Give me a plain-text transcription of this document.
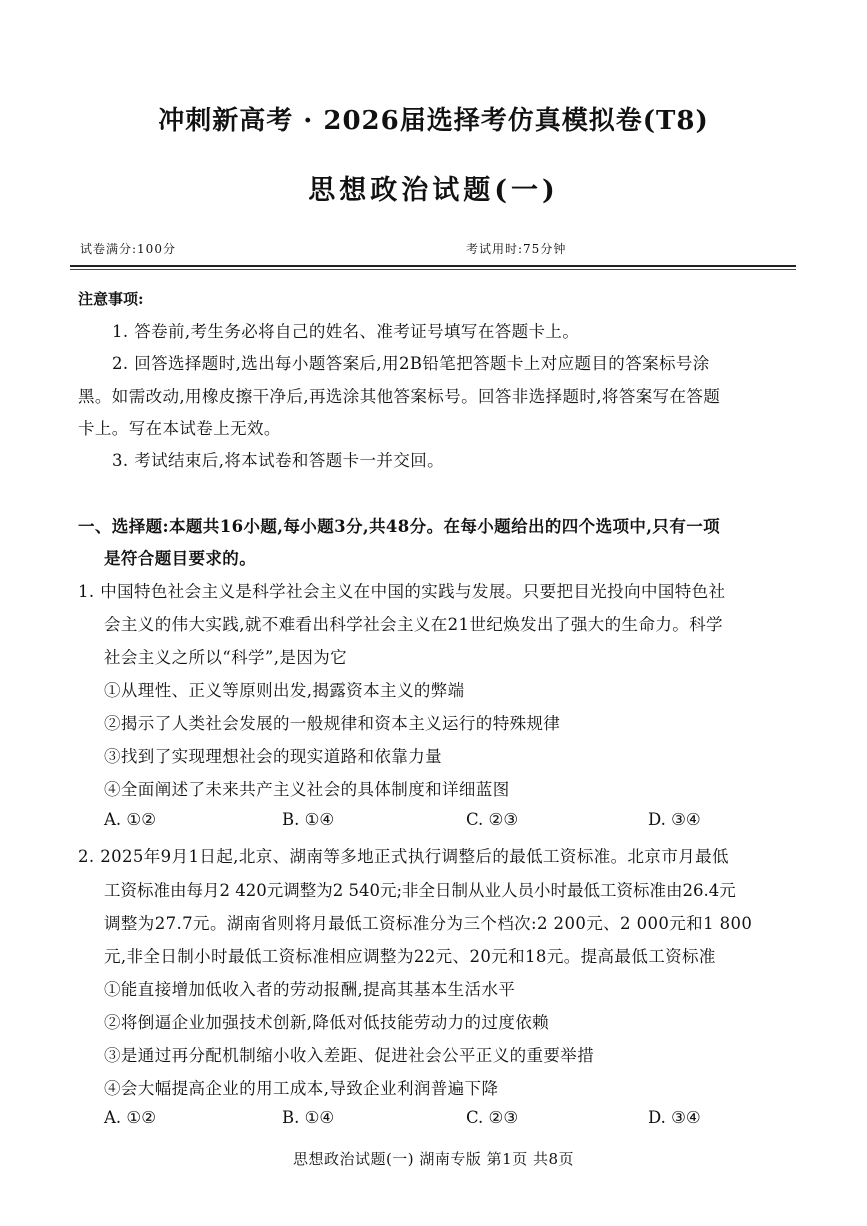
冲刺新高考 · 2026届选择考仿真模拟卷(T8)
思想政治试题(一)
试卷满分:100分	考试用时:75分钟
注意事项:
1. 答卷前,考生务必将自己的姓名、准考证号填写在答题卡上。
2. 回答选择题时,选出每小题答案后,用2B铅笔把答题卡上对应题目的答案标号涂
黑。如需改动,用橡皮擦干净后,再选涂其他答案标号。回答非选择题时,将答案写在答题
卡上。写在本试卷上无效。
3. 考试结束后,将本试卷和答题卡一并交回。
一、选择题:本题共16小题,每小题3分,共48分。在每小题给出的四个选项中,只有一项
是符合题目要求的。
1. 中国特色社会主义是科学社会主义在中国的实践与发展。只要把目光投向中国特色社
会主义的伟大实践,就不难看出科学社会主义在21世纪焕发出了强大的生命力。科学
社会主义之所以“科学”,是因为它
①从理性、正义等原则出发,揭露资本主义的弊端
②揭示了人类社会发展的一般规律和资本主义运行的特殊规律
③找到了实现理想社会的现实道路和依靠力量
④全面阐述了未来共产主义社会的具体制度和详细蓝图
A. ①②	B. ①④	C. ②③	D. ③④
2. 2025年9月1日起,北京、湖南等多地正式执行调整后的最低工资标准。北京市月最低
工资标准由每月2 420元调整为2 540元;非全日制从业人员小时最低工资标准由26.4元
调整为27.7元。湖南省则将月最低工资标准分为三个档次:2 200元、2 000元和1 800
元,非全日制小时最低工资标准相应调整为22元、20元和18元。提高最低工资标准
①能直接增加低收入者的劳动报酬,提高其基本生活水平
②将倒逼企业加强技术创新,降低对低技能劳动力的过度依赖
③是通过再分配机制缩小收入差距、促进社会公平正义的重要举措
④会大幅提高企业的用工成本,导致企业利润普遍下降
A. ①②	B. ①④	C. ②③	D. ③④
思想政治试题(一) 湖南专版 第1页 共8页
